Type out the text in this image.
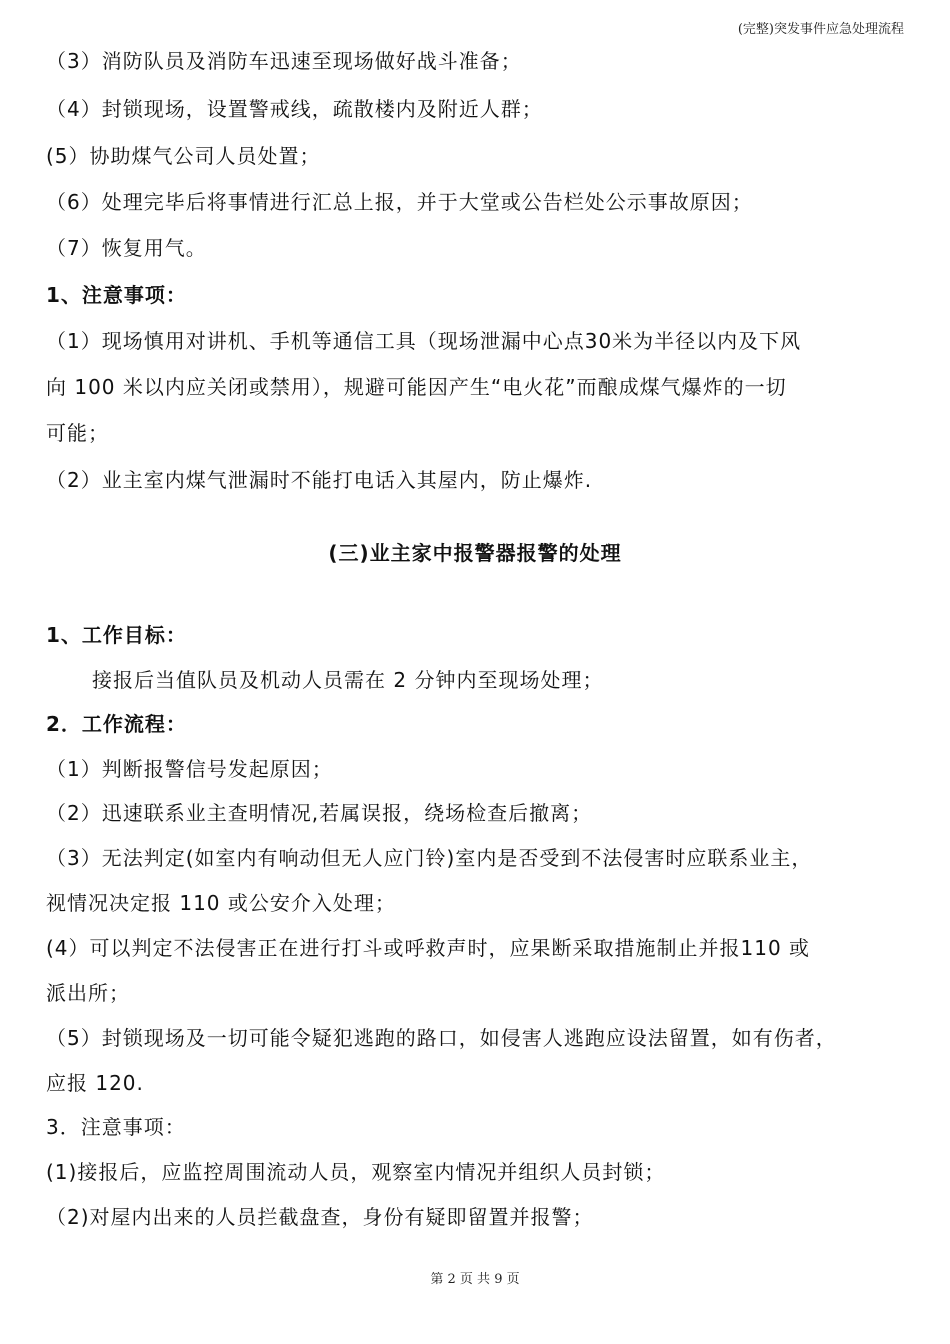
(完整)突发事件应急处理流程
（3）消防队员及消防车迅速至现场做好战斗准备；
（4）封锁现场，设置警戒线，疏散楼内及附近人群；
(5）协助煤气公司人员处置；
（6）处理完毕后将事情进行汇总上报，并于大堂或公告栏处公示事故原因；
（7）恢复用气。
1、注意事项：
（1）现场慎用对讲机、手机等通信工具（现场泄漏中心点30米为半径以内及下风
向 100 米以内应关闭或禁用），规避可能因产生“电火花”而酿成煤气爆炸的一切
可能；
（2）业主室内煤气泄漏时不能打电话入其屋内，防止爆炸.
(三)业主家中报警器报警的处理
1、工作目标：
接报后当值队员及机动人员需在 2 分钟内至现场处理；
2．工作流程：
（1）判断报警信号发起原因；
（2）迅速联系业主查明情况,若属误报，绕场检查后撤离；
（3）无法判定(如室内有响动但无人应门铃)室内是否受到不法侵害时应联系业主，
视情况决定报 110 或公安介入处理；
(4）可以判定不法侵害正在进行打斗或呼救声时，应果断采取措施制止并报110 或
派出所；
（5）封锁现场及一切可能令疑犯逃跑的路口，如侵害人逃跑应设法留置，如有伤者，
应报 120.
3．注意事项：
(1)接报后，应监控周围流动人员，观察室内情况并组织人员封锁；
（2)对屋内出来的人员拦截盘查，身份有疑即留置并报警；
第 2 页 共 9 页
